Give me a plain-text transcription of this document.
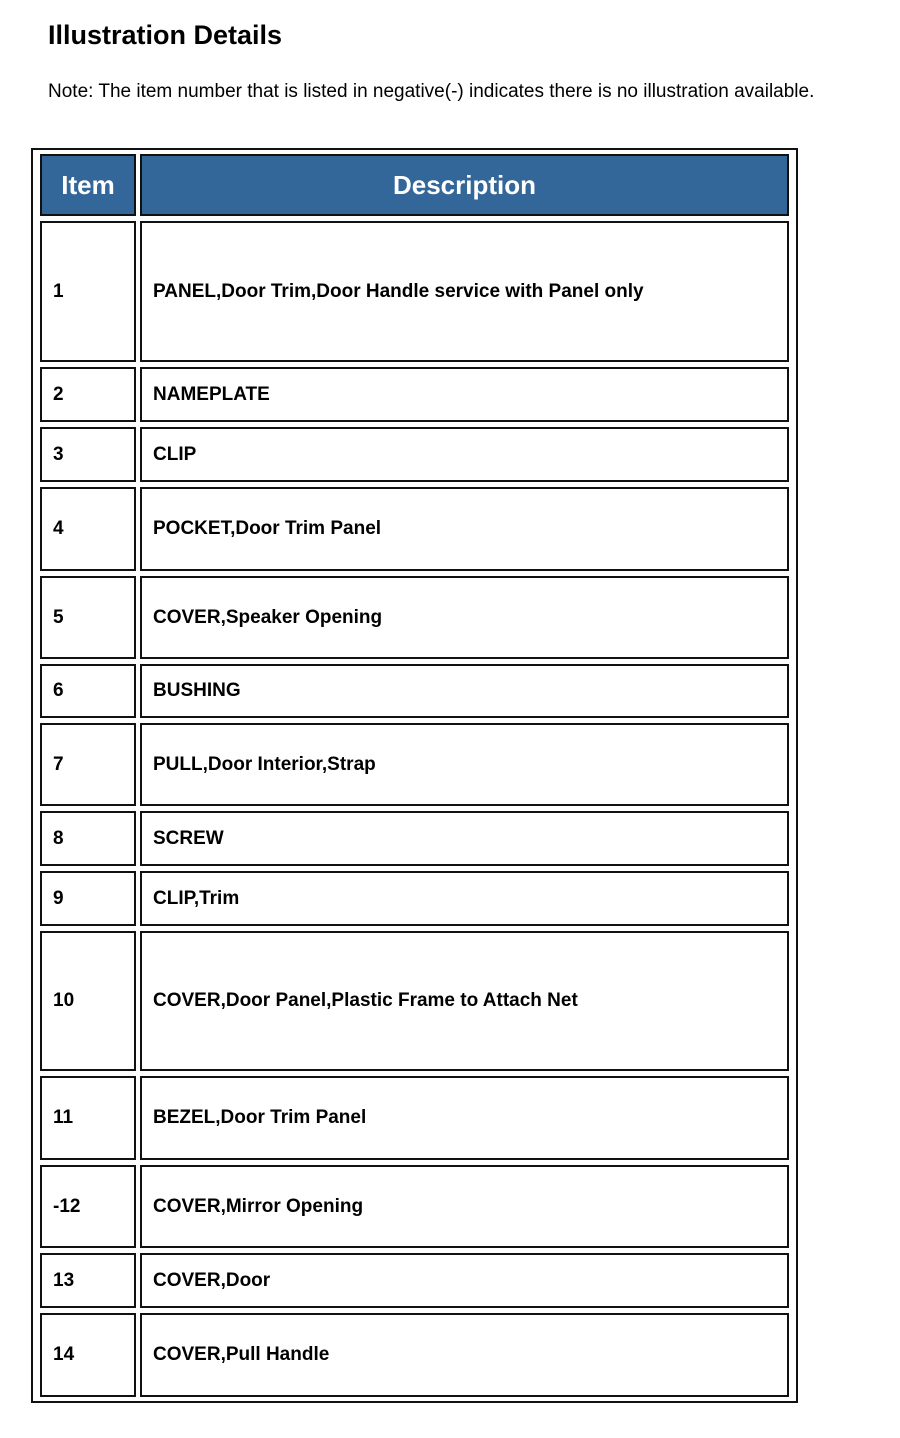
Illustration Details

Note: The item number that is listed in negative(-) indicates there is no illustration available.

Item	Description
1	PANEL,Door Trim,Door Handle service with Panel only
2	NAMEPLATE
3	CLIP
4	POCKET,Door Trim Panel
5	COVER,Speaker Opening
6	BUSHING
7	PULL,Door Interior,Strap
8	SCREW
9	CLIP,Trim
10	COVER,Door Panel,Plastic Frame to Attach Net
11	BEZEL,Door Trim Panel
-12	COVER,Mirror Opening
13	COVER,Door
14	COVER,Pull Handle
